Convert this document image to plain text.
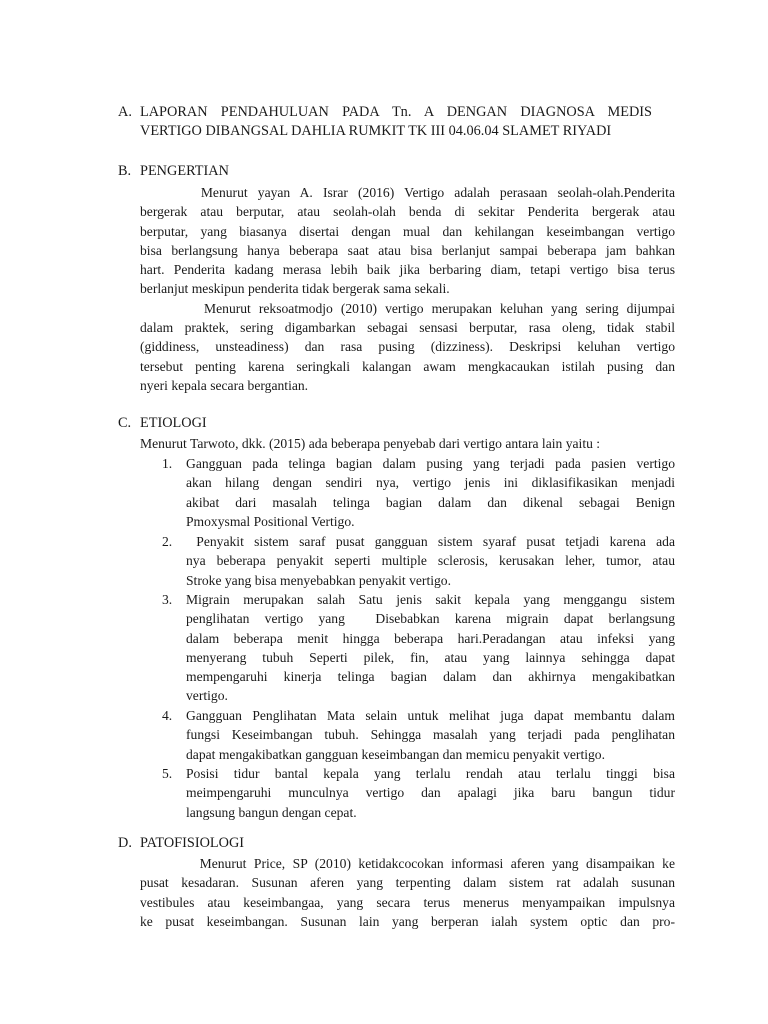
A. LAPORAN PENDAHULUAN PADA Tn. A DENGAN DIAGNOSA MEDIS
VERTIGO DIBANGSAL DAHLIA RUMKIT TK III 04.06.04 SLAMET RIYADI
B. PENGERTIAN
Menurut yayan A. Israr (2016) Vertigo adalah perasaan seolah-olah.Penderita
bergerak atau berputar, atau seolah-olah benda di sekitar Penderita bergerak atau
berputar, yang biasanya disertai dengan mual dan kehilangan keseimbangan vertigo
bisa berlangsung hanya beberapa saat atau bisa berlanjut sampai beberapa jam bahkan
hart. Penderita kadang merasa lebih baik jika berbaring diam, tetapi vertigo bisa terus
berlanjut meskipun penderita tidak bergerak sama sekali.
Menurut reksoatmodjo (2010) vertigo merupakan keluhan yang sering dijumpai
dalam praktek, sering digambarkan sebagai sensasi berputar, rasa oleng, tidak stabil
(giddiness, unsteadiness) dan rasa pusing (dizziness). Deskripsi keluhan vertigo
tersebut penting karena seringkali kalangan awam mengkacaukan istilah pusing dan
nyeri kepala secara bergantian.
C. ETIOLOGI
Menurut Tarwoto, dkk. (2015) ada beberapa penyebab dari vertigo antara lain yaitu :
1. Gangguan pada telinga bagian dalam pusing yang terjadi pada pasien vertigo
akan hilang dengan sendiri nya, vertigo jenis ini diklasifikasikan menjadi
akibat dari masalah telinga bagian dalam dan dikenal sebagai Benign
Pmoxysmal Positional Vertigo.
2. Penyakit sistem saraf pusat gangguan sistem syaraf pusat tetjadi karena ada
nya beberapa penyakit seperti multiple sclerosis, kerusakan leher, tumor, atau
Stroke yang bisa menyebabkan penyakit vertigo.
3. Migrain merupakan salah Satu jenis sakit kepala yang menggangu sistem
penglihatan vertigo yang  Disebabkan karena migrain dapat berlangsung
dalam beberapa menit hingga beberapa hari.Peradangan atau infeksi yang
menyerang tubuh Seperti pilek, fin, atau yang lainnya sehingga dapat
mempengaruhi kinerja telinga bagian dalam dan akhirnya mengakibatkan
vertigo.
4. Gangguan Penglihatan Mata selain untuk melihat juga dapat membantu dalam
fungsi Keseimbangan tubuh. Sehingga masalah yang terjadi pada penglihatan
dapat mengakibatkan gangguan keseimbangan dan memicu penyakit vertigo.
5. Posisi tidur bantal kepala yang terlalu rendah atau terlalu tinggi bisa
meimpengaruhi munculnya vertigo dan apalagi jika baru bangun tidur
langsung bangun dengan cepat.
D. PATOFISIOLOGI
Menurut Price, SP (2010) ketidakcocokan informasi aferen yang disampaikan ke
pusat kesadaran. Susunan aferen yang terpenting dalam sistem rat adalah susunan
vestibules atau keseimbangaa, yang secara terus menerus menyampaikan impulsnya
ke pusat keseimbangan. Susunan lain yang berperan ialah system optic dan pro-
